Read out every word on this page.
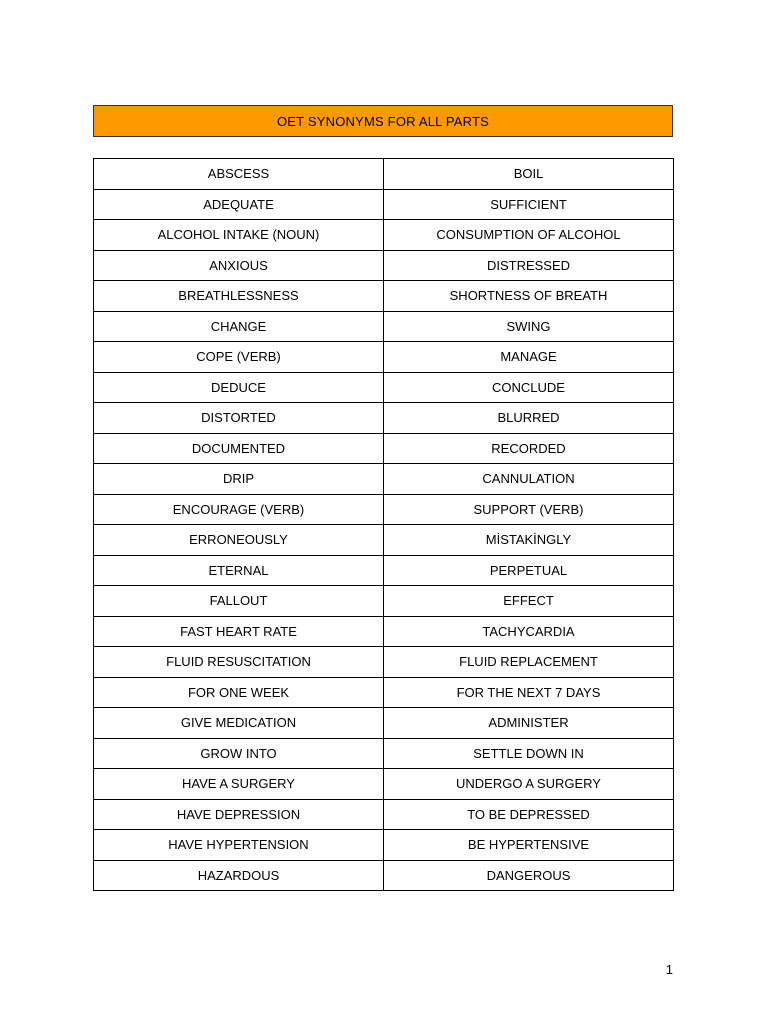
OET SYNONYMS FOR ALL PARTS
ABSCESS	BOIL
ADEQUATE	SUFFICIENT
ALCOHOL INTAKE (NOUN)	CONSUMPTION OF ALCOHOL
ANXIOUS	DISTRESSED
BREATHLESSNESS	SHORTNESS OF BREATH
CHANGE	SWING
COPE (VERB)	MANAGE
DEDUCE	CONCLUDE
DISTORTED	BLURRED
DOCUMENTED	RECORDED
DRIP	CANNULATION
ENCOURAGE (VERB)	SUPPORT (VERB)
ERRONEOUSLY	MİSTAKİNGLY
ETERNAL	PERPETUAL
FALLOUT	EFFECT
FAST HEART RATE	TACHYCARDIA
FLUID RESUSCITATION	FLUID REPLACEMENT
FOR ONE WEEK	FOR THE NEXT 7 DAYS
GIVE MEDICATION	ADMINISTER
GROW INTO	SETTLE DOWN IN
HAVE A SURGERY	UNDERGO A SURGERY
HAVE DEPRESSION	TO BE DEPRESSED
HAVE HYPERTENSION	BE HYPERTENSIVE
HAZARDOUS	DANGEROUS
1
